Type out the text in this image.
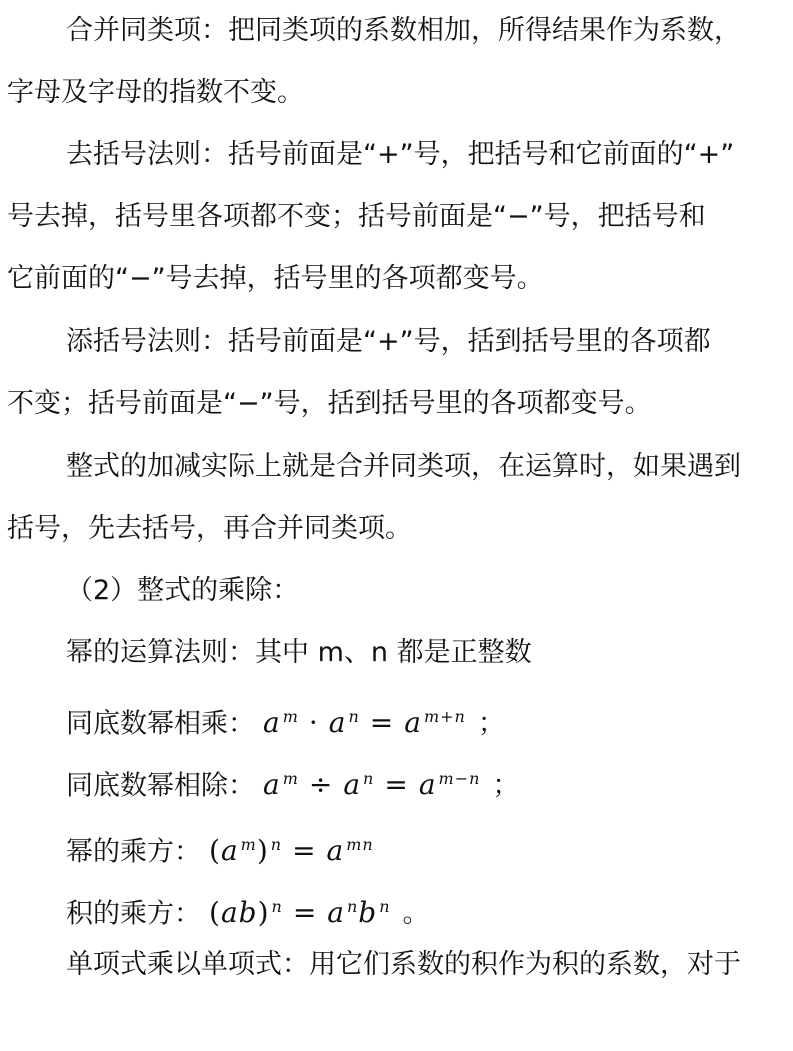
合并同类项：把同类项的系数相加，所得结果作为系数，
字母及字母的指数不变。
去括号法则：括号前面是“+”号，把括号和它前面的“+”
号去掉，括号里各项都不变；括号前面是“−”号，把括号和
它前面的“−”号去掉，括号里的各项都变号。
添括号法则：括号前面是“+”号，括到括号里的各项都
不变；括号前面是“−”号，括到括号里的各项都变号。
整式的加减实际上就是合并同类项，在运算时，如果遇到
括号，先去括号，再合并同类项。
（2）整式的乘除：
幂的运算法则：其中 m、n 都是正整数
同底数幂相乘： a $^m$ · a $^n$ = a $^{m+n}$ ；
同底数幂相除： a $^m$ ÷ a $^n$ = a $^{m-n}$ ；
幂的乘方： (a $^m$) $^n$ = a $^{mn}$
积的乘方： (ab) $^n$ = a $^n$b $^n$ 。
单项式乘以单项式：用它们系数的积作为积的系数，对于
